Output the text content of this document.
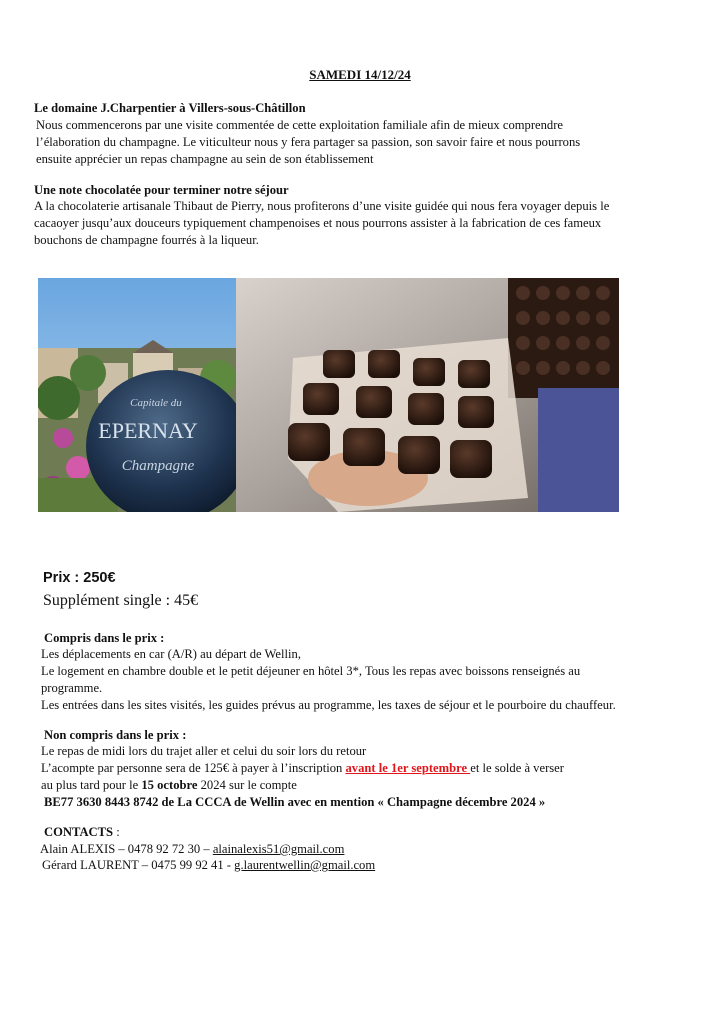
SAMEDI 14/12/24
Le domaine J.Charpentier à Villers-sous-Châtillon
Nous commencerons par une visite commentée de cette exploitation familiale afin de mieux comprendre
l’élaboration du champagne. Le viticulteur nous y fera partager sa passion, son savoir faire et nous pourrons
ensuite apprécier un repas champagne au sein de son établissement
Une note chocolatée pour terminer notre séjour
A la chocolaterie artisanale Thibaut de Pierry, nous profiterons d’une visite guidée qui nous fera voyager depuis le
cacaoyer jusqu’aux douceurs typiquement champenoises et nous pourrons assister à la fabrication de ces fameux
bouchons de champagne fourrés à la liqueur.
Capitale du
EPERNAY
Champagne
Prix : 250€
Supplément single : 45€
Compris dans le prix :
Les déplacements en car (A/R) au départ de Wellin,
Le logement en chambre double et le petit déjeuner en hôtel 3*, Tous les repas avec boissons renseignés au
programme.
Les entrées dans les sites visités, les guides prévus au programme, les taxes de séjour et le pourboire du chauffeur.
Non compris dans le prix :
Le repas de midi lors du trajet aller et celui du soir lors du retour
L’acompte par personne sera de 125€ à payer à l’inscription avant le 1er septembre et le solde à verser
au plus tard pour le 15 octobre 2024 sur le compte
BE77 3630 8443 8742 de La CCCA de Wellin avec en mention « Champagne décembre 2024 »
CONTACTS :
Alain ALEXIS – 0478 92 72 30 – alainalexis51@gmail.com
Gérard LAURENT – 0475 99 92 41 - g.laurentwellin@gmail.com
